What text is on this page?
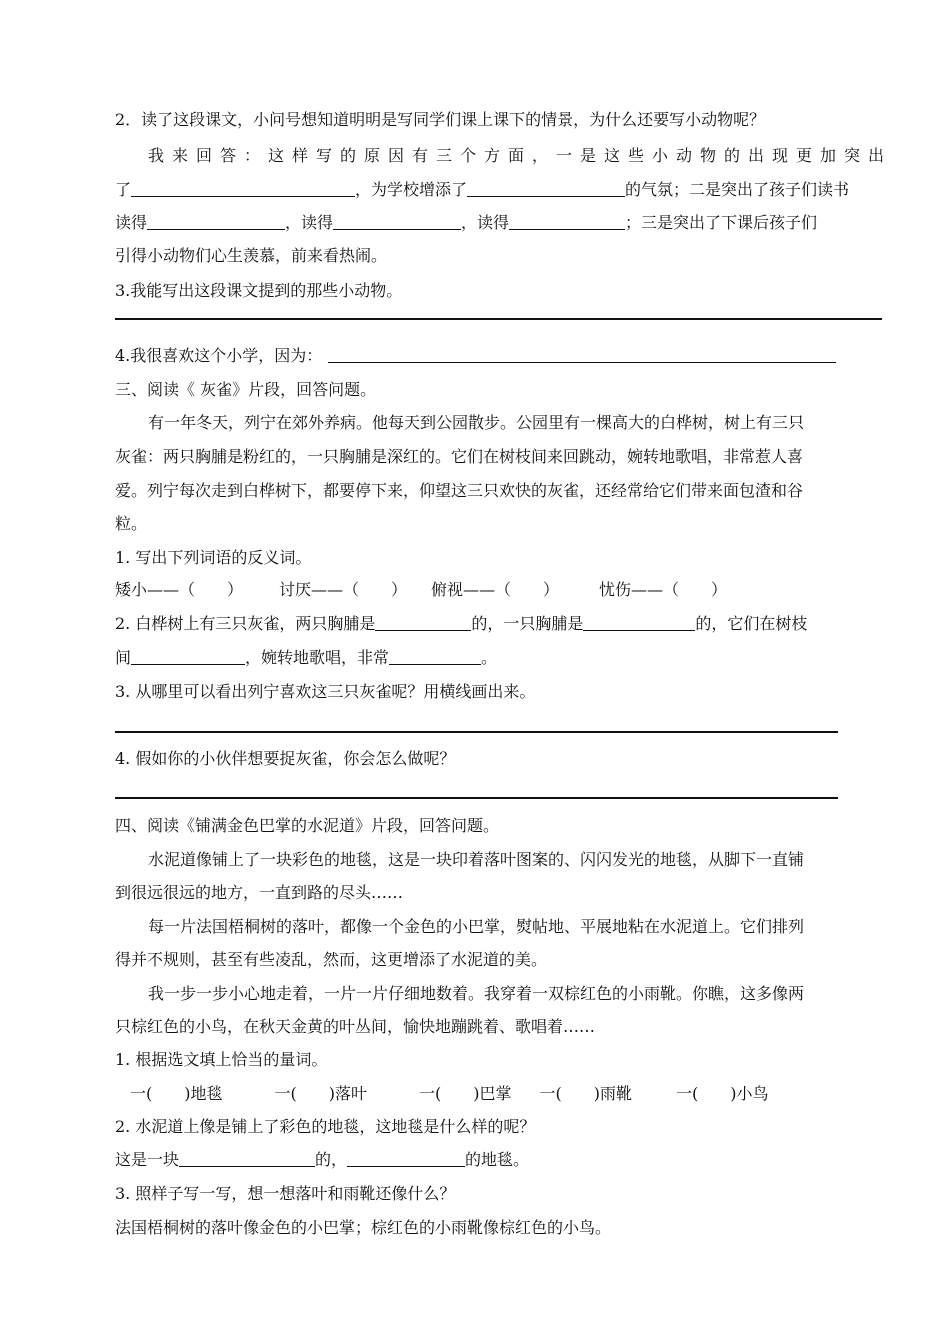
2．读了这段课文，小问号想知道明明是写同学们课上课下的情景，为什么还要写小动物呢？
我来回答：这样写的原因有三个方面，一是这些小动物的出现更加突出
了	，为学校增添了	的气氛；二是突出了孩子们读书
读得	，读得	，读得	；三是突出了下课后孩子们
引得小动物们心生羡慕，前来看热闹。
3.我能写出这段课文提到的那些小动物。
4.我很喜欢这个小学，因为：
三、阅读《 灰雀》片段，回答问题。
有一年冬天，列宁在郊外养病。他每天到公园散步。公园里有一棵高大的白桦树，树上有三只
灰雀：两只胸脯是粉红的，一只胸脯是深红的。它们在树枝间来回跳动，婉转地歌唱，非常惹人喜
爱。列宁每次走到白桦树下，都要停下来，仰望这三只欢快的灰雀，还经常给它们带来面包渣和谷
粒。
1. 写出下列词语的反义词。
矮小——（　　） 讨厌——（　　） 俯视——（　　）	忧伤——（　　）
2. 白桦树上有三只灰雀，两只胸脯是	的，一只胸脯是	的，它们在树枝
间	，婉转地歌唱，非常	。
3. 从哪里可以看出列宁喜欢这三只灰雀呢？用横线画出来。
4. 假如你的小伙伴想要捉灰雀，你会怎么做呢？
四、阅读《铺满金色巴掌的水泥道》片段，回答问题。
水泥道像铺上了一块彩色的地毯，这是一块印着落叶图案的、闪闪发光的地毯，从脚下一直铺
到很远很远的地方，一直到路的尽头……
每一片法国梧桐树的落叶，都像一个金色的小巴掌，熨帖地、平展地粘在水泥道上。它们排列
得并不规则，甚至有些凌乱，然而，这更增添了水泥道的美。
我一步一步小心地走着，一片一片仔细地数着。我穿着一双棕红色的小雨靴。你瞧，这多像两
只棕红色的小鸟，在秋天金黄的叶丛间，愉快地蹦跳着、歌唱着……
1. 根据选文填上恰当的量词。
一(　　)地毯	一(　　)落叶	一(　　)巴掌 一(　　)雨靴	一(　　)小鸟
2. 水泥道上像是铺上了彩色的地毯，这地毯是什么样的呢？
这是一块	的，	的地毯。
3. 照样子写一写，想一想落叶和雨靴还像什么？
法国梧桐树的落叶像金色的小巴掌；棕红色的小雨靴像棕红色的小鸟。
